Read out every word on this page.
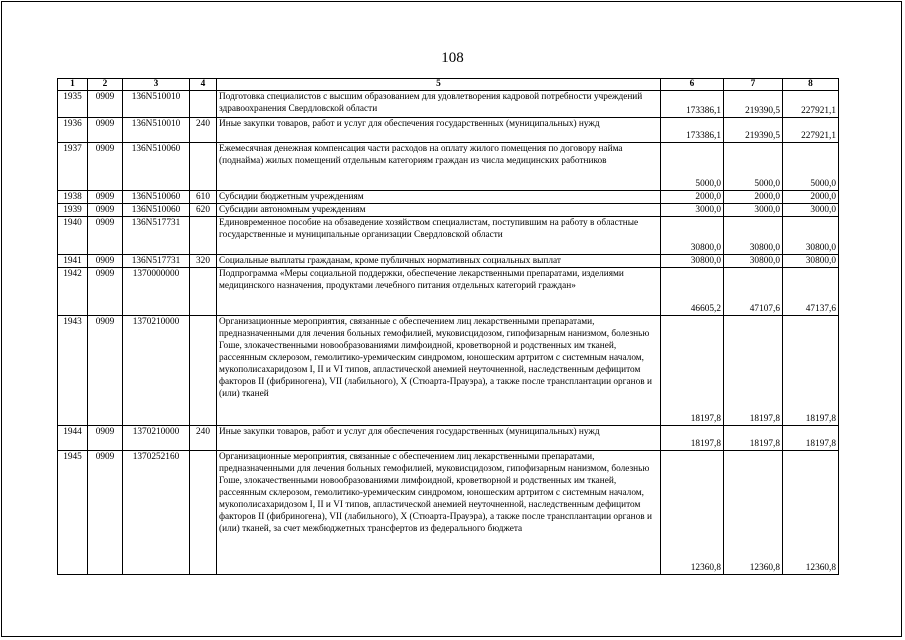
108
1	2	3	4	5	6	7	8
1935	0909	136N510010		Подготовка специалистов с высшим образованием для удовлетворения кадровой потребности учреждений здравоохранения Свердловской области	173386,1	219390,5	227921,1
1936	0909	136N510010	240	Иные закупки товаров, работ и услуг для обеспечения государственных (муниципальных) нужд	173386,1	219390,5	227921,1
1937	0909	136N510060		Ежемесячная денежная компенсация части расходов на оплату жилого помещения по договору найма (поднайма) жилых помещений отдельным категориям граждан из числа медицинских работников	5000,0	5000,0	5000,0
1938	0909	136N510060	610	Субсидии бюджетным учреждениям	2000,0	2000,0	2000,0
1939	0909	136N510060	620	Субсидии автономным учреждениям	3000,0	3000,0	3000,0
1940	0909	136N517731		Единовременное пособие на обзаведение хозяйством специалистам, поступившим на работу в областные государственные и муниципальные организации Свердловской области	30800,0	30800,0	30800,0
1941	0909	136N517731	320	Социальные выплаты гражданам, кроме публичных нормативных социальных выплат	30800,0	30800,0	30800,0
1942	0909	1370000000		Подпрограмма «Меры социальной поддержки, обеспечение лекарственными препаратами, изделиями медицинского назначения, продуктами лечебного питания отдельных категорий граждан»	46605,2	47107,6	47137,6
1943	0909	1370210000		Организационные мероприятия, связанные с обеспечением лиц лекарственными препаратами, предназначенными для лечения больных гемофилией, муковисцидозом, гипофизарным нанизмом, болезнью Гоше, злокачественными новообразованиями лимфоидной, кроветворной и родственных им тканей, рассеянным склерозом, гемолитико-уремическим синдромом, юношеским артритом с системным началом, мукополисахаридозом I, II и VI типов, апластической анемией неуточненной, наследственным дефицитом факторов II (фибриногена), VII (лабильного), X (Стюарта-Прауэра), а также после трансплантации органов и (или) тканей	18197,8	18197,8	18197,8
1944	0909	1370210000	240	Иные закупки товаров, работ и услуг для обеспечения государственных (муниципальных) нужд	18197,8	18197,8	18197,8
1945	0909	1370252160		Организационные мероприятия, связанные с обеспечением лиц лекарственными препаратами, предназначенными для лечения больных гемофилией, муковисцидозом, гипофизарным нанизмом, болезнью Гоше, злокачественными новообразованиями лимфоидной, кроветворной и родственных им тканей, рассеянным склерозом, гемолитико-уремическим синдромом, юношеским артритом с системным началом, мукополисахаридозом I, II и VI типов, апластической анемией неуточненной, наследственным дефицитом факторов II (фибриногена), VII (лабильного), X (Стюарта-Прауэра), а также после трансплантации органов и (или) тканей, за счет межбюджетных трансфертов из федерального бюджета	12360,8	12360,8	12360,8
